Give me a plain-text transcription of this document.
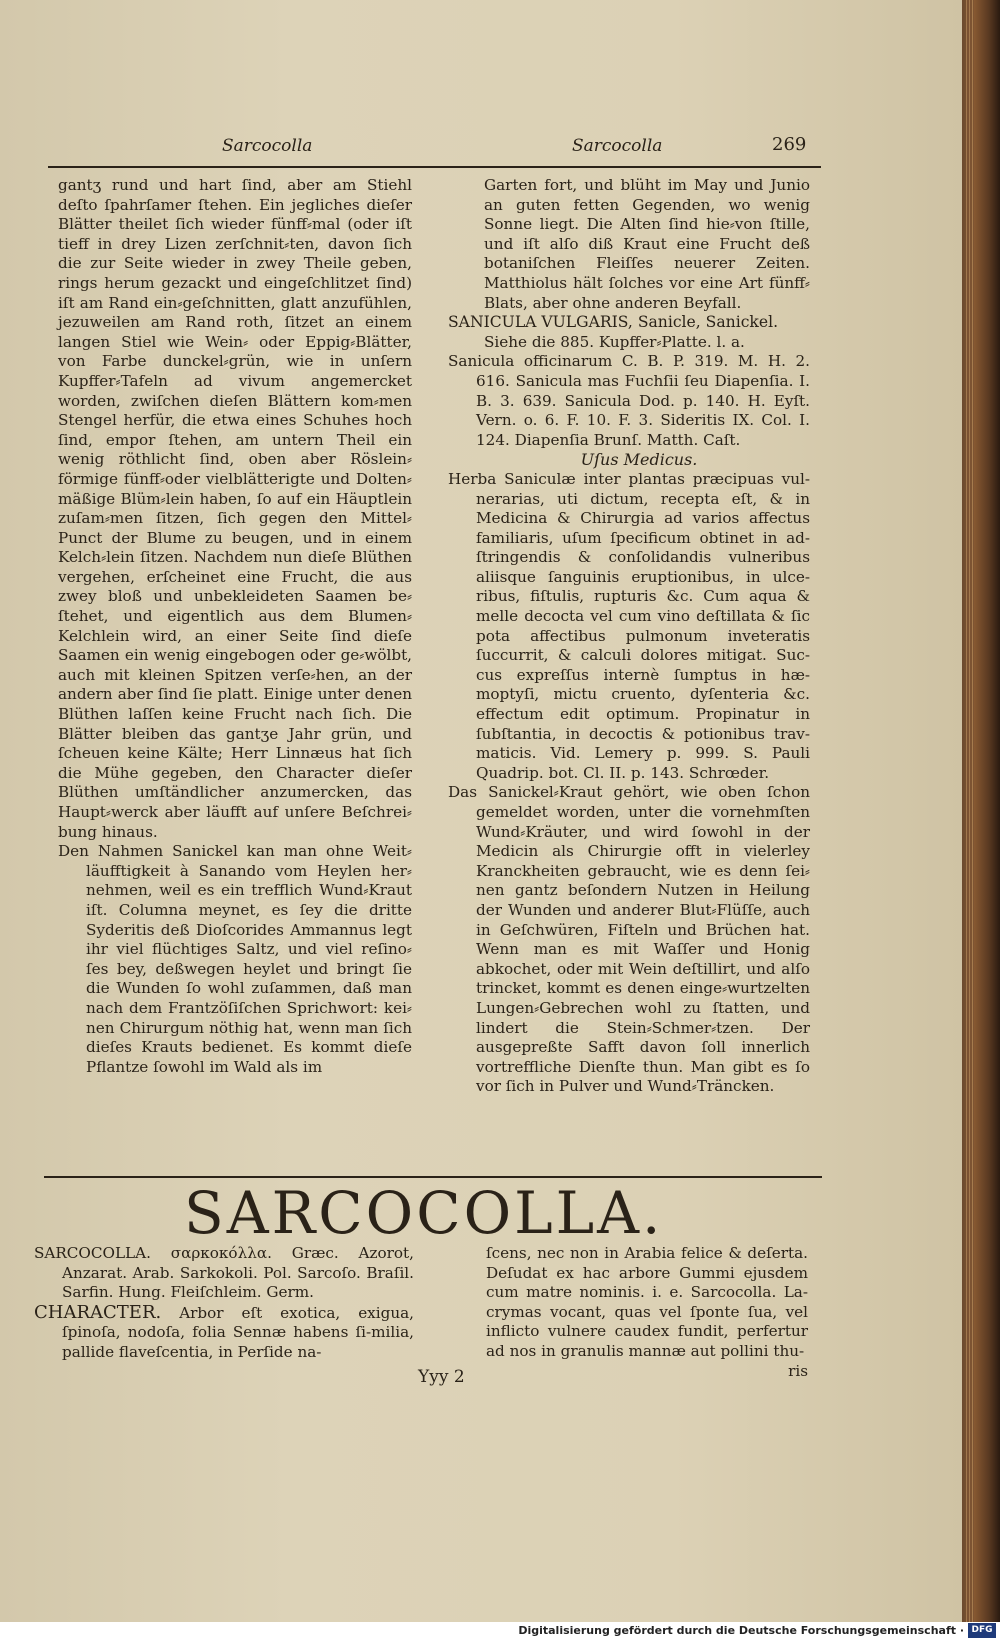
Sarcocolla	Sarcocolla	269

gantʒ rund und hart ſind, aber am Stiehl deſto ſpahrſamer ſtehen. Ein jegliches dieſer Blätter theilet ſich wieder fünff⸗mal (oder iſt tieff in drey Lizen zerſchnit⸗ten, davon ſich die zur Seite wieder in zwey Theile geben, rings herum gezackt und eingeſchlitzet ſind) iſt am Rand ein⸗geſchnitten, glatt anzufühlen, jezuweilen am Rand roth, ſitzet an einem langen Stiel wie Wein⸗ oder Eppig⸗Blätter, von Farbe dunckel⸗grün, wie in unſern Kupffer⸗Tafeln ad vivum angemercket worden, zwiſchen dieſen Blättern kom⸗men Stengel herfür, die etwa eines Schuhes hoch ſind, empor ſtehen, am untern Theil ein wenig röthlicht ſind, oben aber Röslein⸗förmige fünff⸗oder vielblätterigte und Dolten⸗mäßige Blüm⸗lein haben, ſo auf ein Häuptlein zuſam⸗men ſitzen, ſich gegen den Mittel⸗Punct der Blume zu beugen, und in einem Kelch⸗lein ſitzen. Nachdem nun dieſe Blüthen vergehen, erſcheinet eine Frucht, die aus zwey bloß und unbekleideten Saamen be⸗ſtehet, und eigentlich aus dem Blumen⸗Kelchlein wird, an einer Seite ſind dieſe Saamen ein wenig eingebogen oder ge⸗wölbt, auch mit kleinen Spitzen verſe⸗hen, an der andern aber ſind ſie platt. Einige unter denen Blüthen laſſen keine Frucht nach ſich. Die Blätter bleiben das gantʒe Jahr grün, und ſcheuen keine Kälte; Herr Linnæus hat ſich die Mühe gegeben, den Character dieſer Blüthen umſtändlicher anzumercken, das Haupt⸗werck aber läufft auf unſere Beſchrei⸗bung hinaus.

Den Nahmen Sanickel kan man ohne Weit⸗läufftigkeit à Sanando vom Heylen her⸗nehmen, weil es ein trefflich Wund⸗Kraut iſt. Columna meynet, es ſey die dritte Syderitis deß Dioſcorides Ammannus legt ihr viel flüchtiges Saltz, und viel reſino⸗ſes bey, deßwegen heylet und bringt ſie die Wunden ſo wohl zuſammen, daß man nach dem Frantzöſiſchen Sprichwort: kei⸗nen Chirurgum nöthig hat, wenn man ſich dieſes Krauts bedienet. Es kommt dieſe Pflantze ſowohl im Wald als im

Garten fort, und blüht im May und Junio an guten fetten Gegenden, wo wenig Sonne liegt. Die Alten ſind hie⸗von ſtille, und iſt alſo diß Kraut eine Frucht deß botaniſchen Fleiſſes neuerer Zeiten. Matthiolus hält ſolches vor eine Art fünff⸗Blats, aber ohne anderen Beyfall.

SANICULA VULGARIS, Sanicle, Sanickel.

Siehe die 885. Kupffer⸗Platte. l. a.

Sanicula officinarum C. B. P. 319. M. H. 2. 616. Sanicula mas Fuchſii ſeu Diapenſia. I. B. 3. 639. Sanicula Dod. p. 140. H. Eyſt. Vern. o. 6. F. 10. F. 3. Sideritis IX. Col. I. 124. Diapenſia Brunſ. Matth. Caſt.

Uſus Medicus.

Herba Saniculæ inter plantas præcipuas vul-nerarias, uti dictum, recepta eſt, & in Medicina & Chirurgia ad varios affectus familiaris, uſum ſpecificum obtinet in ad-ſtringendis & conſolidandis vulneribus aliisque ſanguinis eruptionibus, in ulce-ribus, fiſtulis, rupturis &c. Cum aqua & melle decocta vel cum vino deſtillata & ſic pota affectibus pulmonum inveteratis ſuccurrit, & calculi dolores mitigat. Suc-cus expreſſus internè ſumptus in hæ-moptyſi, mictu cruento, dyſenteria &c. effectum edit optimum. Propinatur in ſubſtantia, in decoctis & potionibus trav-maticis. Vid. Lemery p. 999. S. Pauli Quadrip. bot. Cl. II. p. 143. Schrœder.

Das Sanickel⸗Kraut gehört, wie oben ſchon gemeldet worden, unter die vornehmſten Wund⸗Kräuter, und wird ſowohl in der Medicin als Chirurgie offt in vielerley Kranckheiten gebraucht, wie es denn ſei⸗nen gantz beſondern Nutzen in Heilung der Wunden und anderer Blut⸗Flüſſe, auch in Geſchwüren, Fiſteln und Brüchen hat. Wenn man es mit Waſſer und Honig abkochet, oder mit Wein deſtillirt, und alſo trincket, kommt es denen einge⸗wurtzelten Lungen⸗Gebrechen wohl zu ſtatten, und lindert die Stein⸗Schmer⸗tzen. Der ausgepreßte Safft davon ſoll innerlich vortreffliche Dienſte thun. Man gibt es ſo vor ſich in Pulver und Wund⸗Träncken.

SARCOCOLLA.

SARCOCOLLA. σαρκοκόλλα. Græc. Azorot, Anzarat. Arab. Sarkokoli. Pol. Sarcoſo. Braſil. Sarfin. Hung. Fleiſchleim. Germ.

CHARACTER. Arbor eſt exotica, exigua, ſpinoſa, nodoſa, folia Sennæ habens ſi-milia, pallide flaveſcentia, in Perſide na-

ſcens, nec non in Arabia felice & deſerta. Deſudat ex hac arbore Gummi ejusdem cum matre nominis. i. e. Sarcocolla. La-crymas vocant, quas vel ſponte ſua, vel inflicto vulnere caudex fundit, perfertur ad nos in granulis mannæ aut pollini thu-

ris

Yyy 2
Digitalisierung gefördert durch die Deutsche Forschungsgemeinschaft · DFG
